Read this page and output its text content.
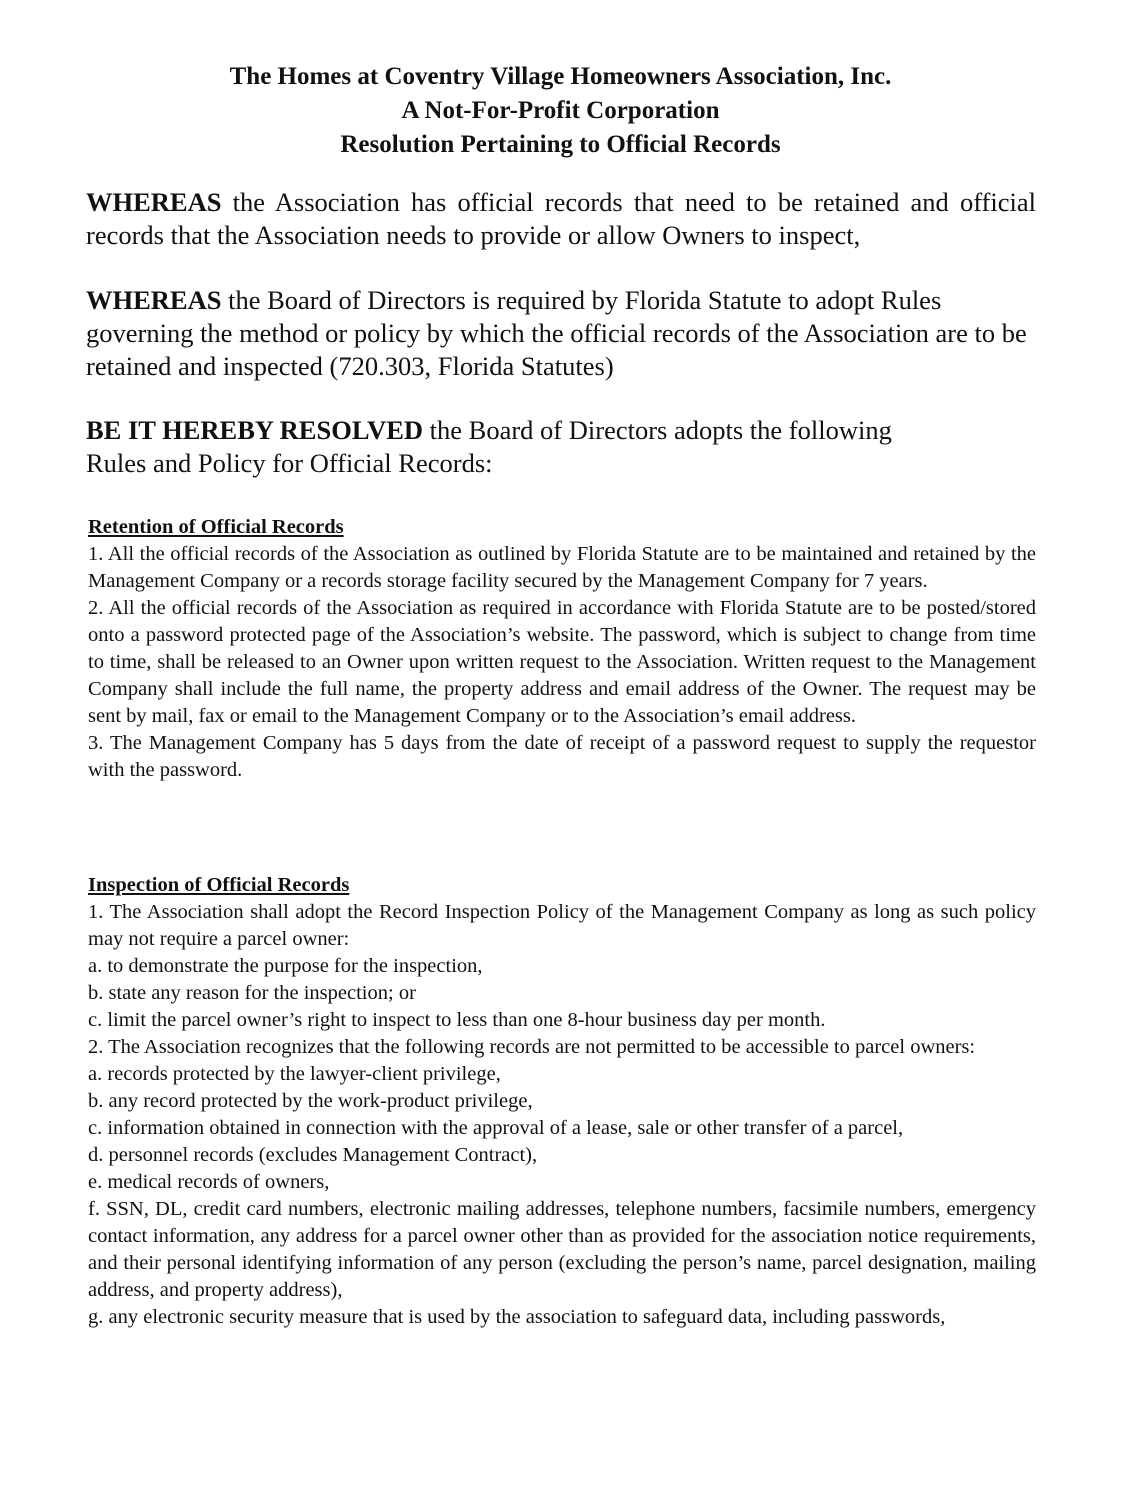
The Homes at Coventry Village Homeowners Association, Inc.
A Not-For-Profit Corporation
Resolution Pertaining to Official Records
WHEREAS the Association has official records that need to be retained and official records that the Association needs to provide or allow Owners to inspect,
WHEREAS the Board of Directors is required by Florida Statute to adopt Rules governing the method or policy by which the official records of the Association are to be retained and inspected (720.303, Florida Statutes)
BE IT HEREBY RESOLVED the Board of Directors adopts the following
Rules and Policy for Official Records:
Retention of Official Records

1. All the official records of the Association as outlined by Florida Statute are to be maintained and retained by the Management Company or a records storage facility secured by the Management Company for 7 years.

2. All the official records of the Association as required in accordance with Florida Statute are to be posted/stored onto a password protected page of the Association’s website. The password, which is subject to change from time to time, shall be released to an Owner upon written request to the Association. Written request to the Management Company shall include the full name, the property address and email address of the Owner. The request may be sent by mail, fax or email to the Management Company or to the Association’s email address.

3. The Management Company has 5 days from the date of receipt of a password request to supply the requestor with the password.

Inspection of Official Records

1. The Association shall adopt the Record Inspection Policy of the Management Company as long as such policy may not require a parcel owner:

a. to demonstrate the purpose for the inspection,

b. state any reason for the inspection; or

c. limit the parcel owner’s right to inspect to less than one 8-hour business day per month.

2. The Association recognizes that the following records are not permitted to be accessible to parcel owners:

a. records protected by the lawyer-client privilege,

b. any record protected by the work-product privilege,

c. information obtained in connection with the approval of a lease, sale or other transfer of a parcel,

d. personnel records (excludes Management Contract),

e. medical records of owners,

f. SSN, DL, credit card numbers, electronic mailing addresses, telephone numbers, facsimile numbers, emergency contact information, any address for a parcel owner other than as provided for the association notice requirements, and their personal identifying information of any person (excluding the person’s name, parcel designation, mailing address, and property address),

g. any electronic security measure that is used by the association to safeguard data, including passwords,
